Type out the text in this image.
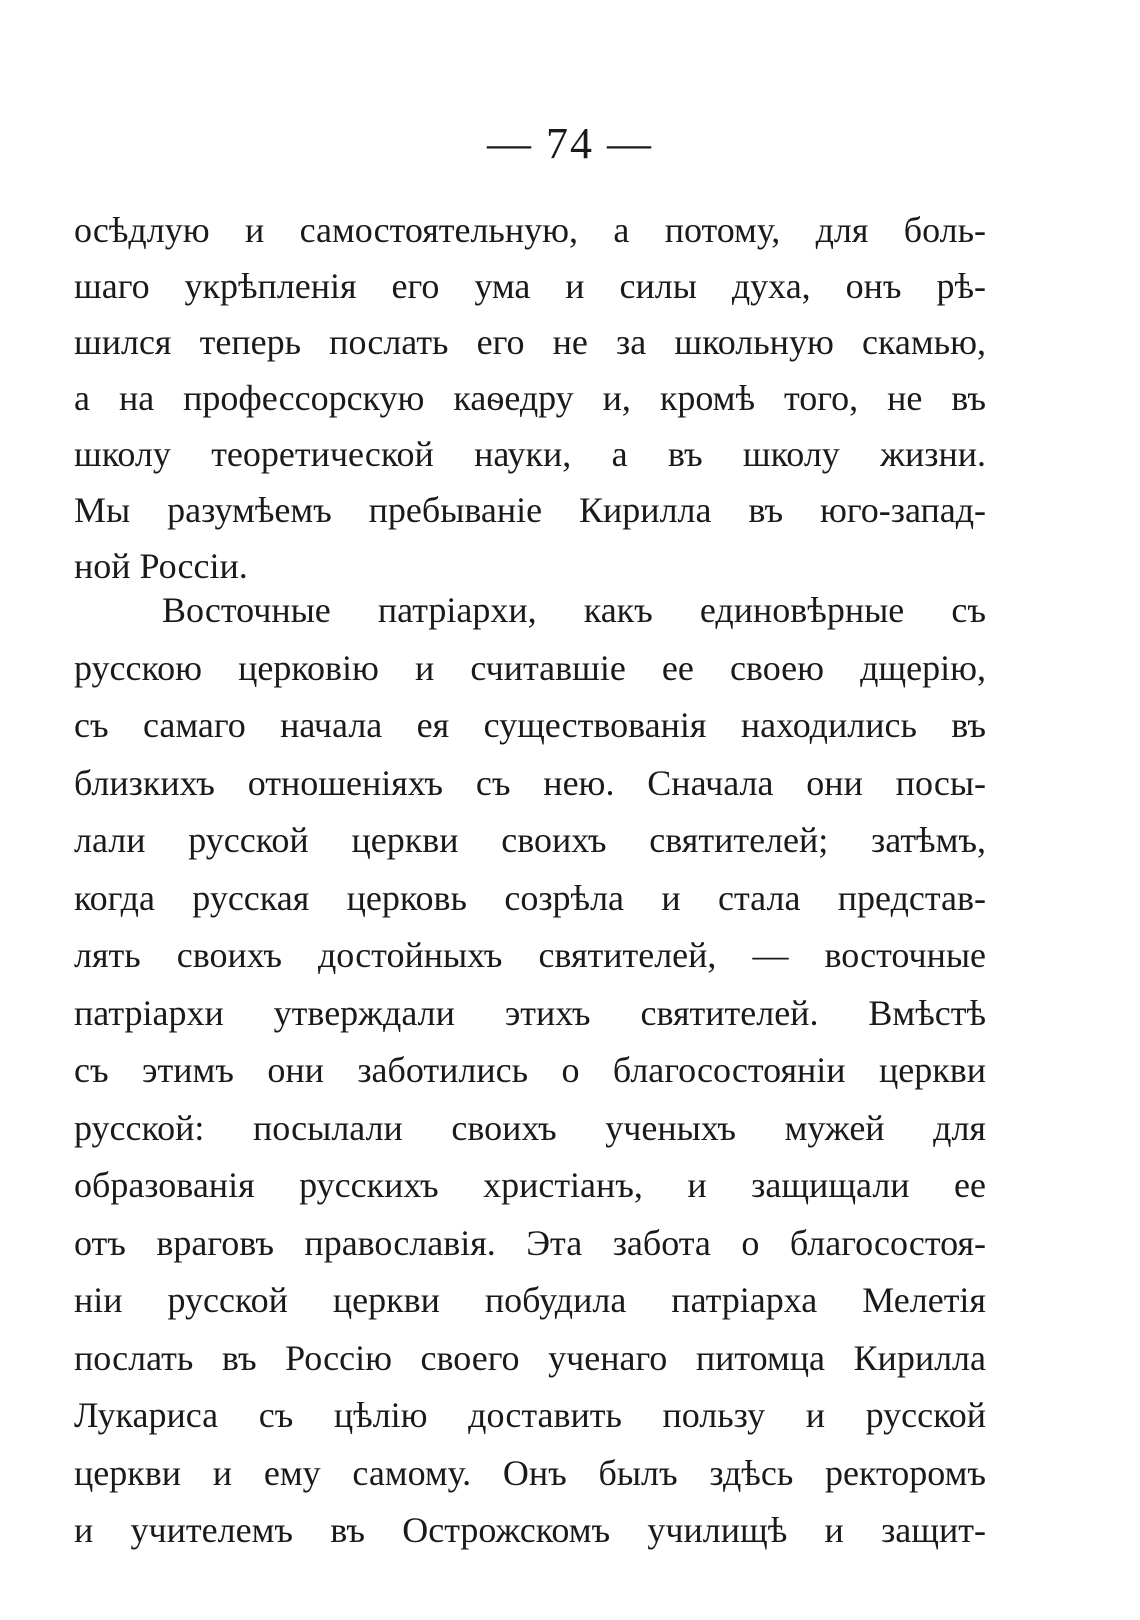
— 74 —
осѣдлую и самостоятельную, а потому, для боль-
шаго укрѣпленія его ума и силы духа, онъ рѣ-
шился теперь послать его не за школьную скамью,
а на профессорскую каѳедру и, кромѣ того, не въ
школу теоретической науки, а въ школу жизни.
Мы разумѣемъ пребываніе Кирилла въ юго-запад-
ной Россіи.
Восточные патріархи, какъ единовѣрные съ
русскою церковію и считавшіе ее своею дщерію,
съ самаго начала ея существованія находились въ
близкихъ отношеніяхъ съ нею. Сначала они посы-
лали русской церкви своихъ святителей; затѣмъ,
когда русская церковь созрѣла и стала представ-
лять своихъ достойныхъ святителей, — восточные
патріархи утверждали этихъ святителей. Вмѣстѣ
съ этимъ они заботились о благосостояніи церкви
русской: посылали своихъ ученыхъ мужей для
образованія русскихъ христіанъ, и защищали ее
отъ враговъ православія. Эта забота о благосостоя-
ніи русской церкви побудила патріарха Мелетія
послать въ Россію своего ученаго питомца Кирилла
Лукариса съ цѣлію доставить пользу и русской
церкви и ему самому. Онъ былъ здѣсь ректоромъ
и учителемъ въ Острожскомъ училищѣ и защит-
